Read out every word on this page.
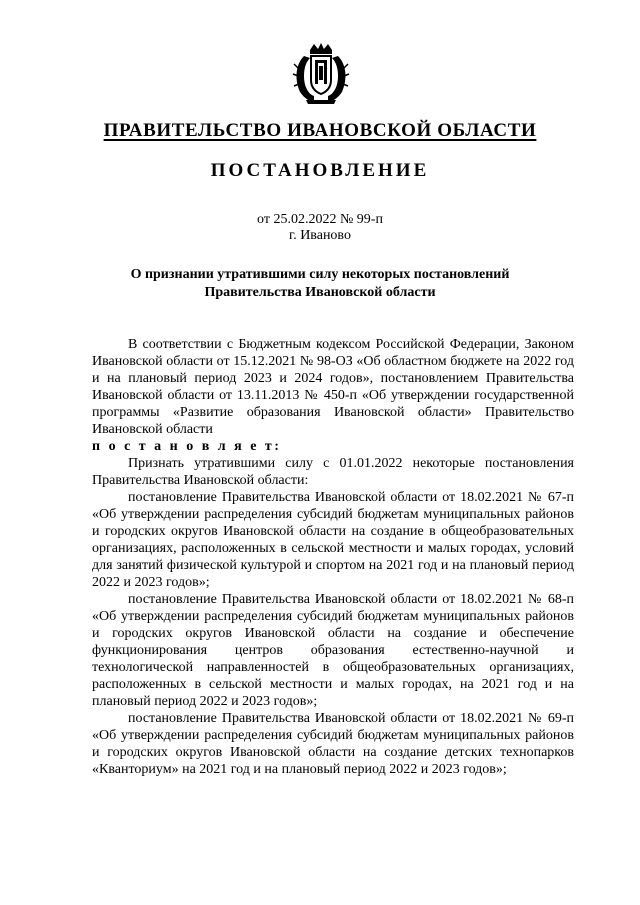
ПРАВИТЕЛЬСТВО ИВАНОВСКОЙ ОБЛАСТИ
ПОСТАНОВЛЕНИЕ
от 25.02.2022 № 99-п
г. Иваново
О признании утратившими силу некоторых постановлений
Правительства Ивановской области

В соответствии с Бюджетным кодексом Российской Федерации, Законом Ивановской области от 15.12.2021 № 98-ОЗ «Об областном бюджете на 2022 год и на плановый период 2023 и 2024 годов», постановлением Правительства Ивановской области от 13.11.2013 № 450-п «Об утверждении государственной программы «Развитие образования Ивановской области» Правительство Ивановской области

п о с т а н о в л я е т:

Признать утратившими силу с 01.01.2022 некоторые постановления Правительства Ивановской области:

постановление Правительства Ивановской области от 18.02.2021 № 67-п «Об утверждении распределения субсидий бюджетам муниципальных районов и городских округов Ивановской области на создание в общеобразовательных организациях, расположенных в сельской местности и малых городах, условий для занятий физической культурой и спортом на 2021 год и на плановый период 2022 и 2023 годов»;

постановление Правительства Ивановской области от 18.02.2021 № 68-п «Об утверждении распределения субсидий бюджетам муниципальных районов и городских округов Ивановской области на создание и обеспечение функционирования центров образования естественно-научной и технологической направленностей в общеобразовательных организациях, расположенных в сельской местности и малых городах, на 2021 год и на плановый период 2022 и 2023 годов»;

постановление Правительства Ивановской области от 18.02.2021 № 69-п «Об утверждении распределения субсидий бюджетам муниципальных районов и городских округов Ивановской области на создание детских технопарков «Кванториум» на 2021 год и на плановый период 2022 и 2023 годов»;
